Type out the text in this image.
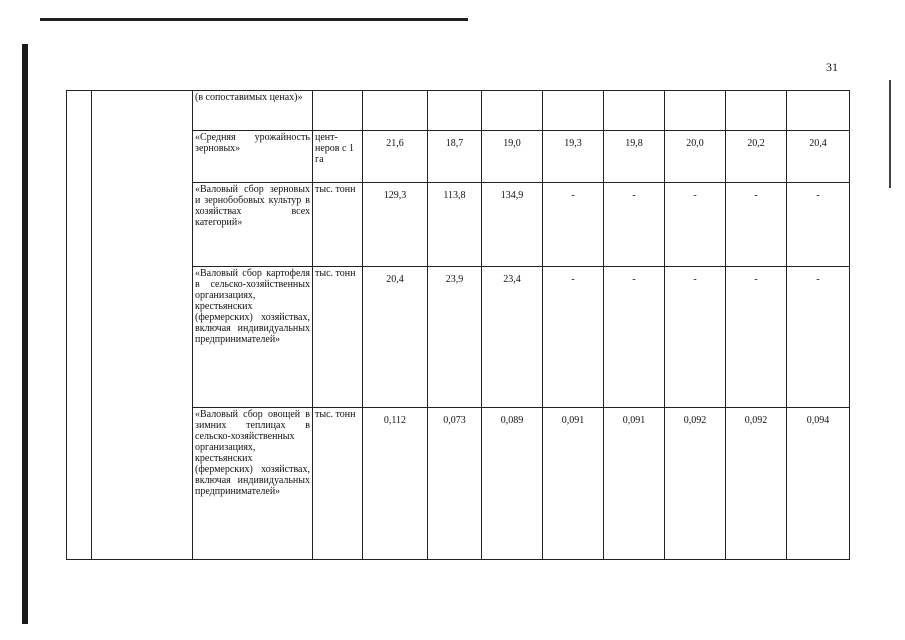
31
		(в сопоставимых ценах)»									
		«Средняя урожайность зерновых»	цент-неров с 1 га	21,6	18,7	19,0	19,3	19,8	20,0	20,2	20,4
		«Валовый сбор зерновых и зернобобовых культур в хозяйствах всех категорий»	тыс. тонн	129,3	113,8	134,9	-	-	-	-	-
		«Валовый сбор картофеля в сельско-хозяйственных организациях, крестьянских (фермерских) хозяйствах, включая индивидуальных предпринимателей»	тыс. тонн	20,4	23,9	23,4	-	-	-	-	-
		«Валовый сбор овощей в зимних теплицах в сельско-хозяйственных организациях, крестьянских (фермерских) хозяйствах, включая индивидуальных предпринимателей»	тыс. тонн	0,112	0,073	0,089	0,091	0,091	0,092	0,092	0,094
